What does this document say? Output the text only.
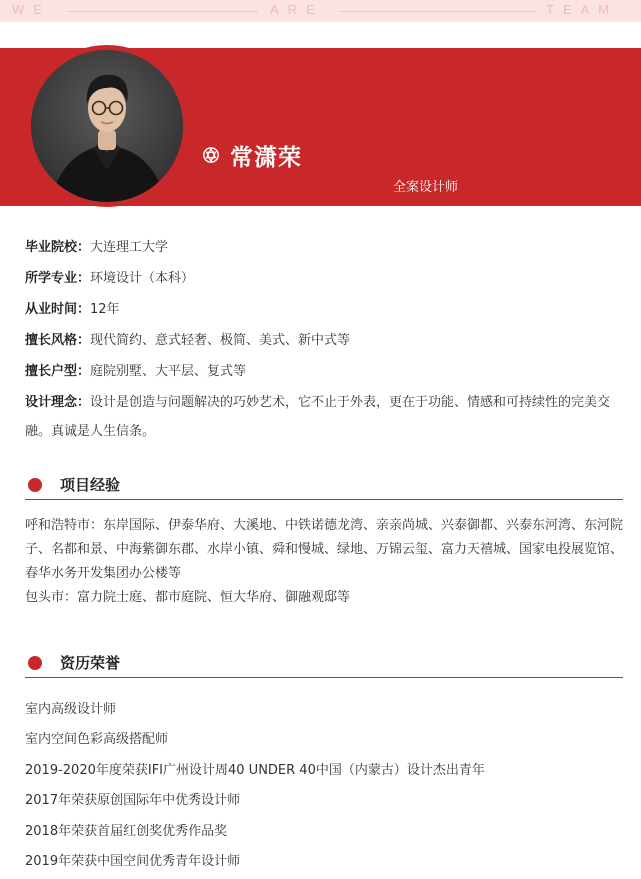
WE	ARE	TEAM
常潇荣
全案设计师
毕业院校：大连理工大学
所学专业：环境设计（本科）
从业时间：12年
擅长风格：现代简约、意式轻奢、极简、美式、新中式等
擅长户型：庭院别墅、大平层、复式等
设计理念：设计是创造与问题解决的巧妙艺术，它不止于外表，更在于功能、情感和可持续性的完美交融。真诚是人生信条。
项目经验

呼和浩特市：东岸国际、伊泰华府、大溪地、中铁诺德龙湾、亲亲尚城、兴泰御都、兴泰东河湾、东河院子、名都和景、中海紫御东郡、水岸小镇、舜和慢城、绿地、万锦云玺、富力天禧城、国家电投展览馆、春华水务开发集团办公楼等

包头市：富力院士庭、都市庭院、恒大华府、御融观邸等

资历荣誉
室内高级设计师
室内空间色彩高级搭配师
2019-2020年度荣获IFI广州设计周40 UNDER 40中国（内蒙古）设计杰出青年
2017年荣获原创国际年中优秀设计师
2018年荣获首届红创奖优秀作品奖
2019年荣获中国空间优秀青年设计师
